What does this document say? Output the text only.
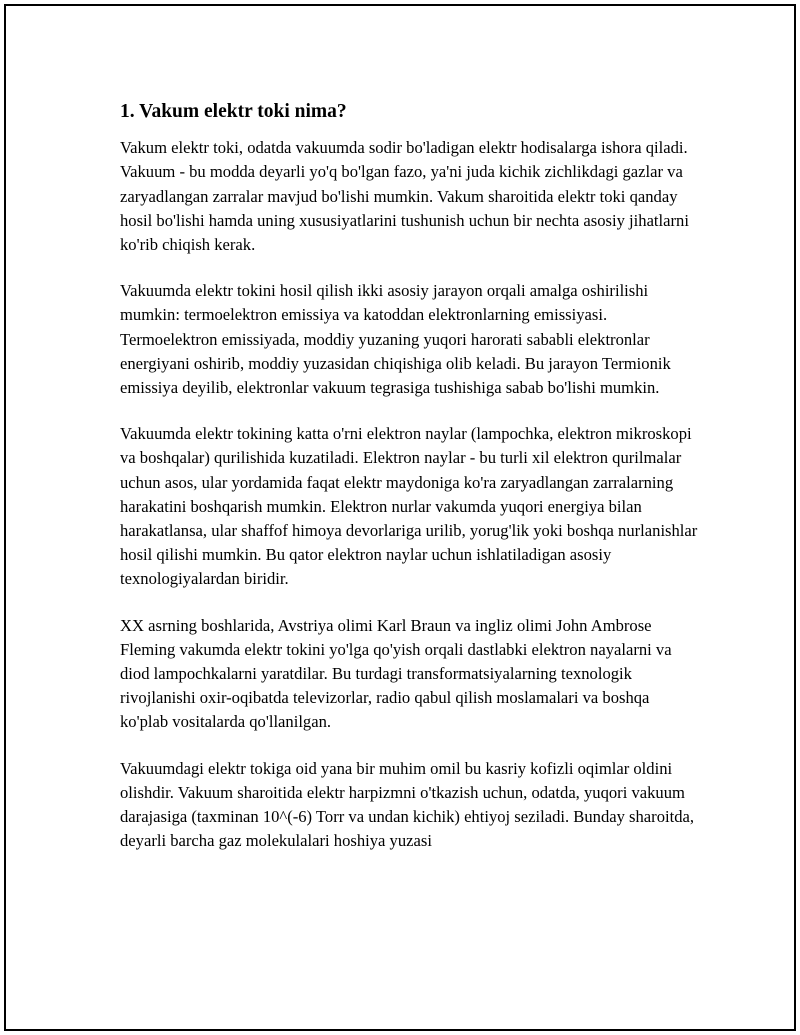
1. Vakum elektr toki nima?

Vakum elektr toki, odatda vakuumda sodir bo'ladigan elektr hodisalarga ishora qiladi. Vakuum - bu modda deyarli yo'q bo'lgan fazo, ya'ni juda kichik zichlikdagi gazlar va zaryadlangan zarralar mavjud bo'lishi mumkin. Vakum sharoitida elektr toki qanday hosil bo'lishi hamda uning xususiyatlarini tushunish uchun bir nechta asosiy jihatlarni ko'rib chiqish kerak.

Vakuumda elektr tokini hosil qilish ikki asosiy jarayon orqali amalga oshirilishi mumkin: termoelektron emissiya va katoddan elektronlarning emissiyasi. Termoelektron emissiyada, moddiy yuzaning yuqori harorati sababli elektronlar energiyani oshirib, moddiy yuzasidan chiqishiga olib keladi. Bu jarayon Termionik emissiya deyilib, elektronlar vakuum tegrasiga tushishiga sabab bo'lishi mumkin.

Vakuumda elektr tokining katta o'rni elektron naylar (lampochka, elektron mikroskopi va boshqalar) qurilishida kuzatiladi. Elektron naylar - bu turli xil elektron qurilmalar uchun asos, ular yordamida faqat elektr maydoniga ko'ra zaryadlangan zarralarning harakatini boshqarish mumkin. Elektron nurlar vakumda yuqori energiya bilan harakatlansa, ular shaffof himoya devorlariga urilib, yorug'lik yoki boshqa nurlanishlar hosil qilishi mumkin. Bu qator elektron naylar uchun ishlatiladigan asosiy texnologiyalardan biridir.

XX asrning boshlarida, Avstriya olimi Karl Braun va ingliz olimi John Ambrose Fleming vakumda elektr tokini yo'lga qo'yish orqali dastlabki elektron nayalarni va diod lampochkalarni yaratdilar. Bu turdagi transformatsiyalarning texnologik rivojlanishi oxir-oqibatda televizorlar, radio qabul qilish moslamalari va boshqa ko'plab vositalarda qo'llanilgan.

Vakuumdagi elektr tokiga oid yana bir muhim omil bu kasriy kofizli oqimlar oldini olishdir. Vakuum sharoitida elektr harpizmni o'tkazish uchun, odatda, yuqori vakuum darajasiga (taxminan 10^(-6) Torr va undan kichik) ehtiyoj seziladi. Bunday sharoitda, deyarli barcha gaz molekulalari hoshiya yuzasi
